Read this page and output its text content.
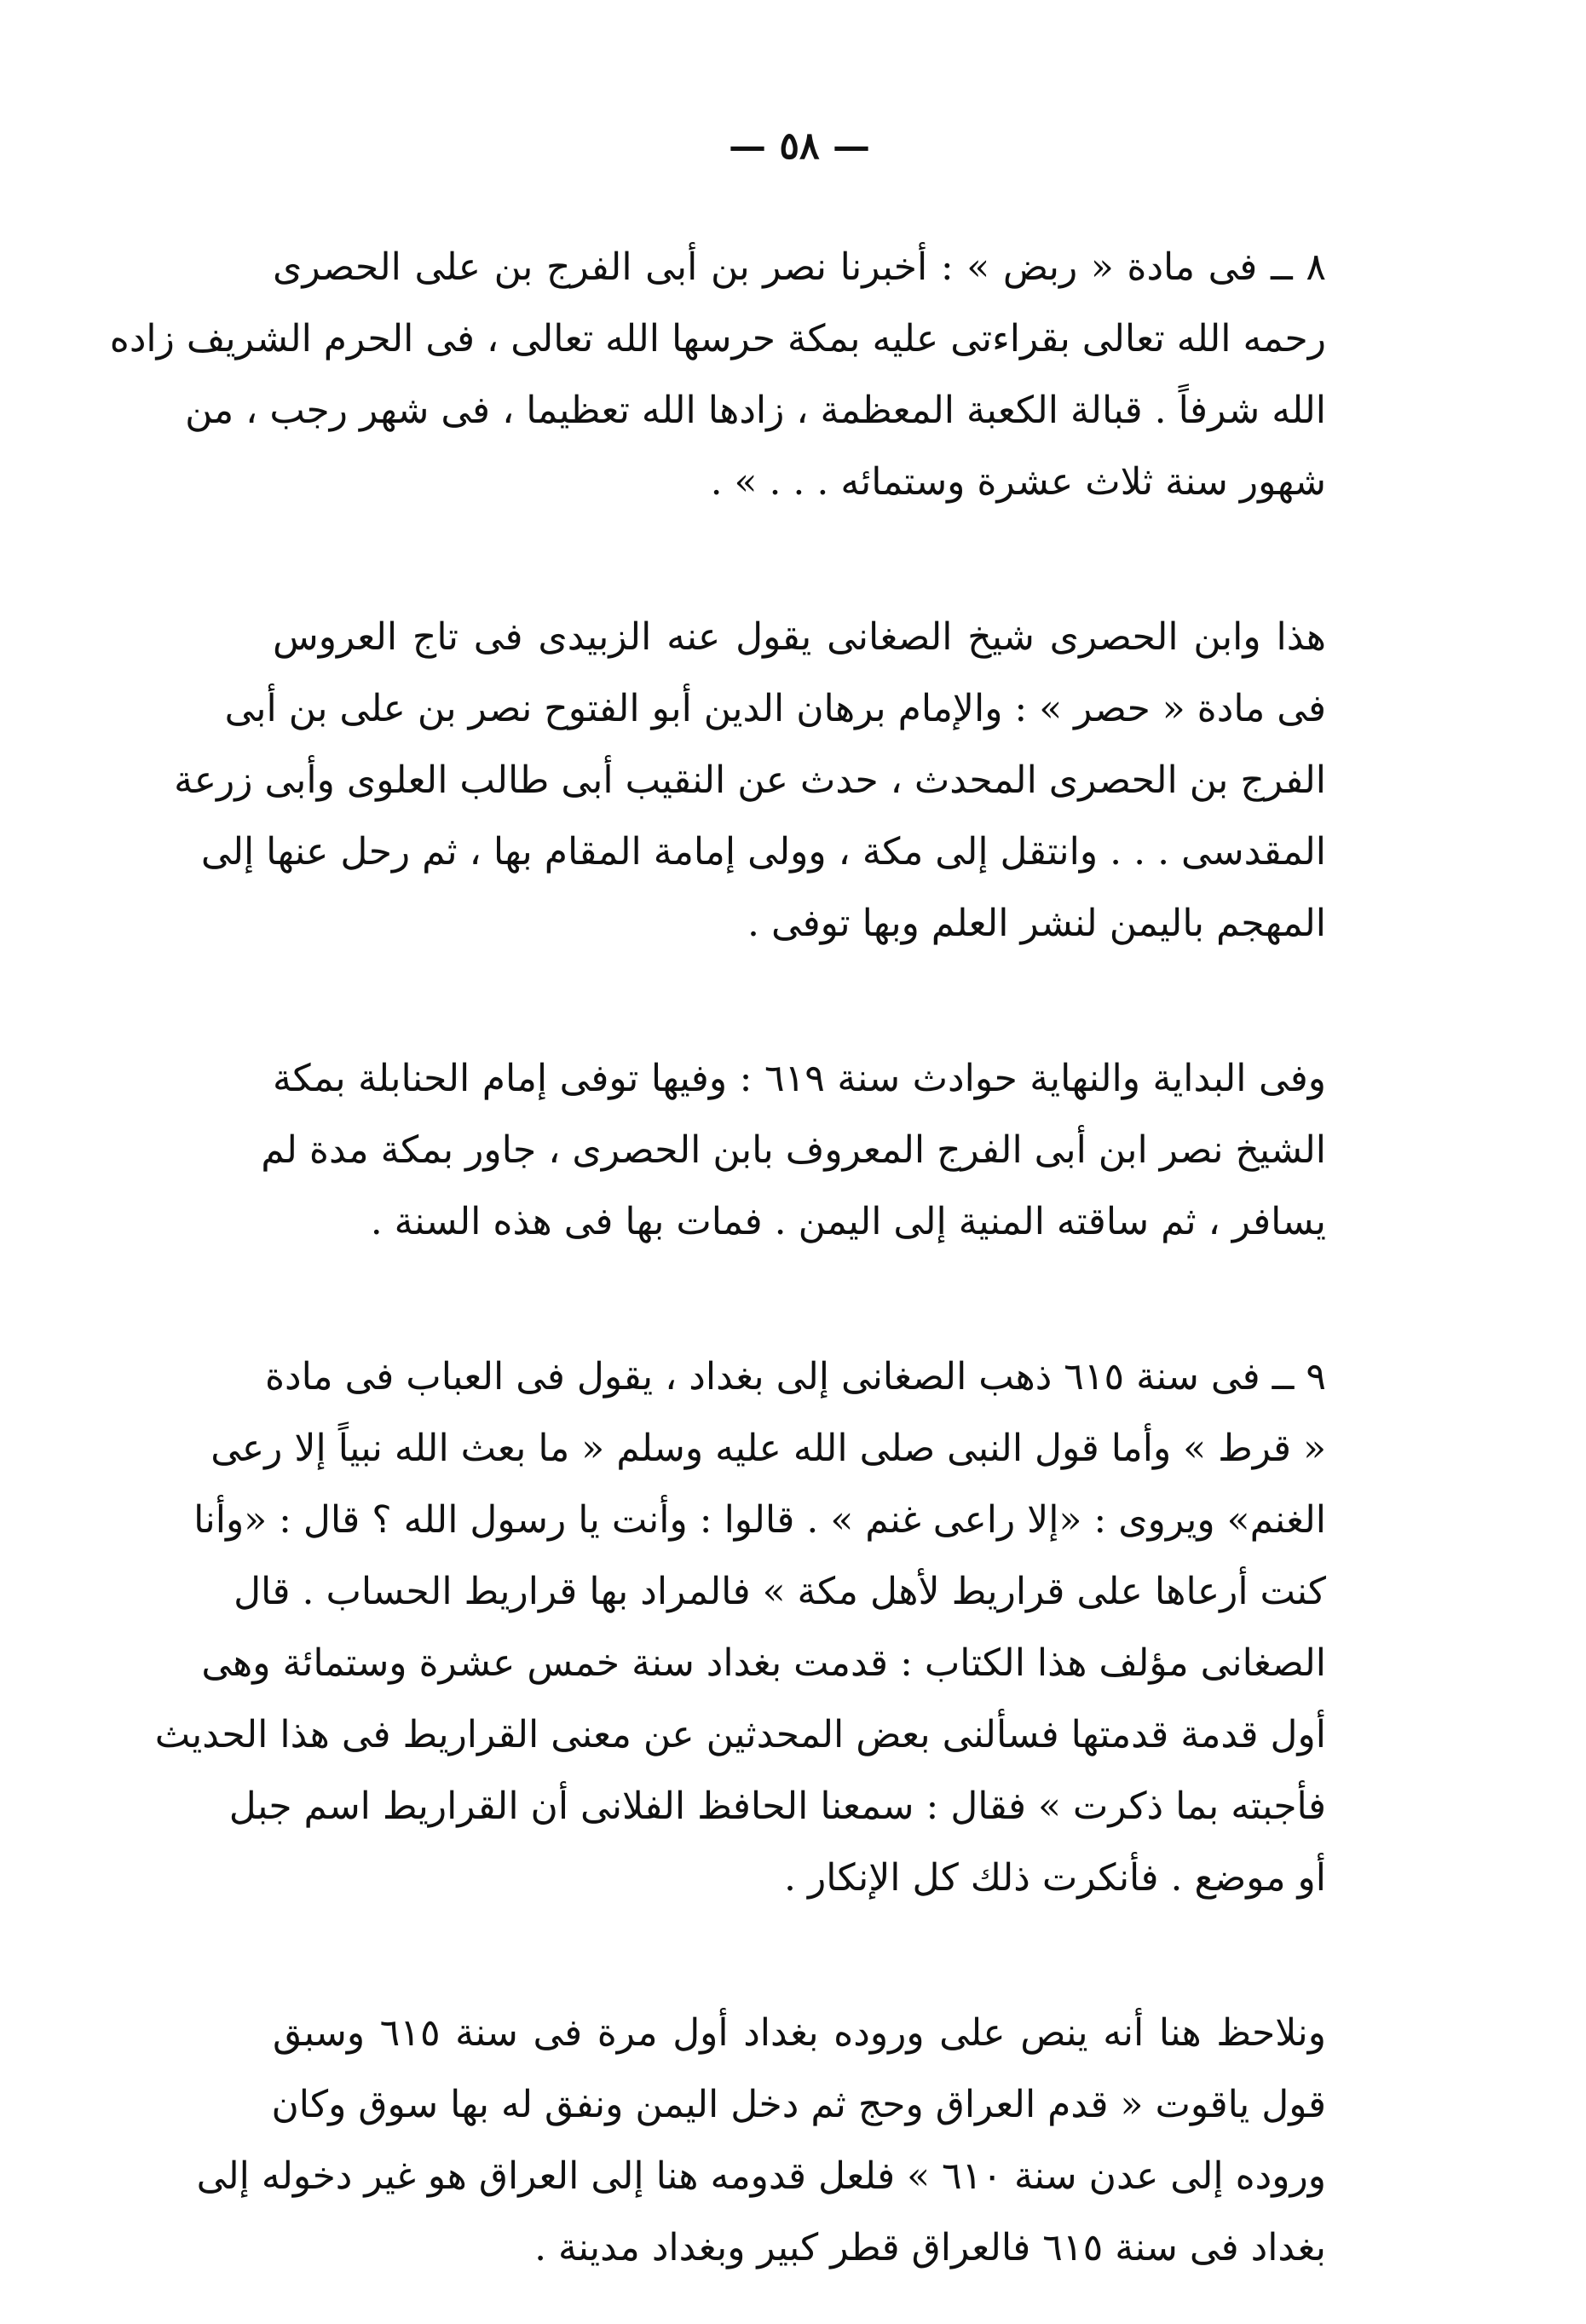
— ٥٨ —
٨ ــ فى مادة « ربض » : أخبرنا نصر بن أبى الفرج بن على الحصرى
رحمه الله تعالى بقراءتى عليه بمكة حرسها الله تعالى ، فى الحرم الشريف زاده
الله شرفاً . قبالة الكعبة المعظمة ، زادها الله تعظيما ، فى شهر رجب ، من
شهور سنة ثلاث عشرة وستمائه . . . » .
هذا وابن الحصرى شيخ الصغانى يقول عنه الزبيدى فى تاج العروس
فى مادة « حصر » : والإمام برهان الدين أبو الفتوح نصر بن على بن أبى
الفرج بن الحصرى المحدث ، حدث عن النقيب أبى طالب العلوى وأبى زرعة
المقدسى . . . وانتقل إلى مكة ، وولى إمامة المقام بها ، ثم رحل عنها إلى
المهجم باليمن لنشر العلم وبها توفى .
وفى البداية والنهاية حوادث سنة ٦١٩ : وفيها توفى إمام الحنابلة بمكة
الشيخ نصر ابن أبى الفرج المعروف بابن الحصرى ، جاور بمكة مدة لم
يسافر ، ثم ساقته المنية إلى اليمن . فمات بها فى هذه السنة .
٩ ــ فى سنة ٦١٥ ذهب الصغانى إلى بغداد ، يقول فى العباب فى مادة
« قرط » وأما قول النبى صلى الله عليه وسلم « ما بعث الله نبياً إلا رعى
الغنم» ويروى : «إلا راعى غنم » . قالوا : وأنت يا رسول الله ؟ قال : «وأنا
كنت أرعاها على قراريط لأهل مكة » فالمراد بها قراريط الحساب . قال
الصغانى مؤلف هذا الكتاب : قدمت بغداد سنة خمس عشرة وستمائة وهى
أول قدمة قدمتها فسألنى بعض المحدثين عن معنى القراريط فى هذا الحديث
فأجبته بما ذكرت » فقال : سمعنا الحافظ الفلانى أن القراريط اسم جبل
أو موضع . فأنكرت ذلك كل الإنكار .
ونلاحظ هنا أنه ينص على وروده بغداد أول مرة فى سنة ٦١٥ وسبق
قول ياقوت « قدم العراق وحج ثم دخل اليمن ونفق له بها سوق وكان
وروده إلى عدن سنة ٦١٠ » فلعل قدومه هنا إلى العراق هو غير دخوله إلى
بغداد فى سنة ٦١٥ فالعراق قطر كبير وبغداد مدينة .
